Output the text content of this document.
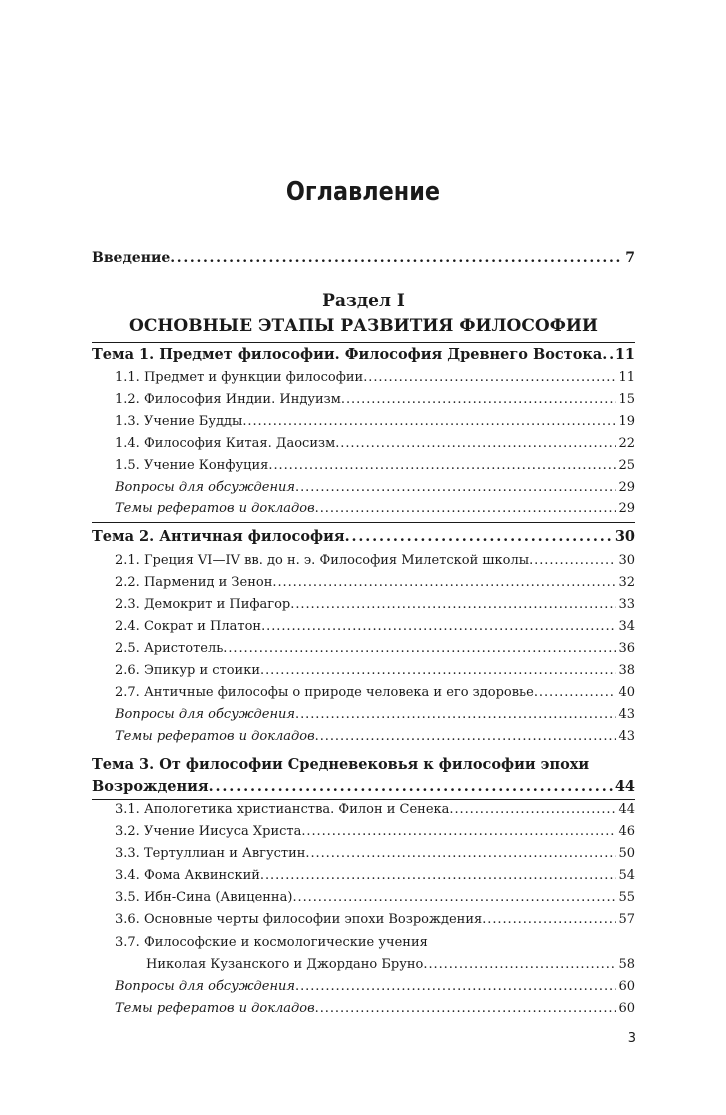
Оглавление
Введение . . .	7
Раздел I
ОСНОВНЫЕ ЭТАПЫ РАЗВИТИЯ ФИЛОСОФИИ
Тема 1. Предмет философии. Философия Древнего Востока . . . 11
1.1. Предмет и функции философии . . .	11
1.2. Философия Индии. Индуизм . . .	15
1.3. Учение Будды . . .	19
1.4. Философия Китая. Даосизм . . .	22
1.5. Учение Конфуция . . .	25
Вопросы для обсуждения . . .	29
Темы рефератов и докладов . . .	29
Тема 2. Античная философия . . .	30
2.1. Греция VI—IV вв. до н. э. Философия Милетской школы . . .	30
2.2. Парменид и Зенон . . .	32
2.3. Демокрит и Пифагор . . .	33
2.4. Сократ и Платон . . .	34
2.5. Аристотель . . .	36
2.6. Эпикур и стоики . . .	38
2.7. Античные философы о природе человека и его здоровье . . .	40
Вопросы для обсуждения . . .	43
Темы рефератов и докладов . . .	43
Тема 3. От философии Средневековья к философии эпохи
Возрождения . . .	44
3.1. Апологетика христианства. Филон и Сенека . . .	44
3.2. Учение Иисуса Христа . . .	46
3.3. Тертуллиан и Августин . . .	50
3.4. Фома Аквинский . . .	54
3.5. Ибн-Сина (Авиценна) . . .	55
3.6. Основные черты философии эпохи Возрождения . . .	57
3.7. Философские и космологические учения
Николая Кузанского и Джордано Бруно . . .	58
Вопросы для обсуждения . . .	60
Темы рефератов и докладов . . .	60
3
